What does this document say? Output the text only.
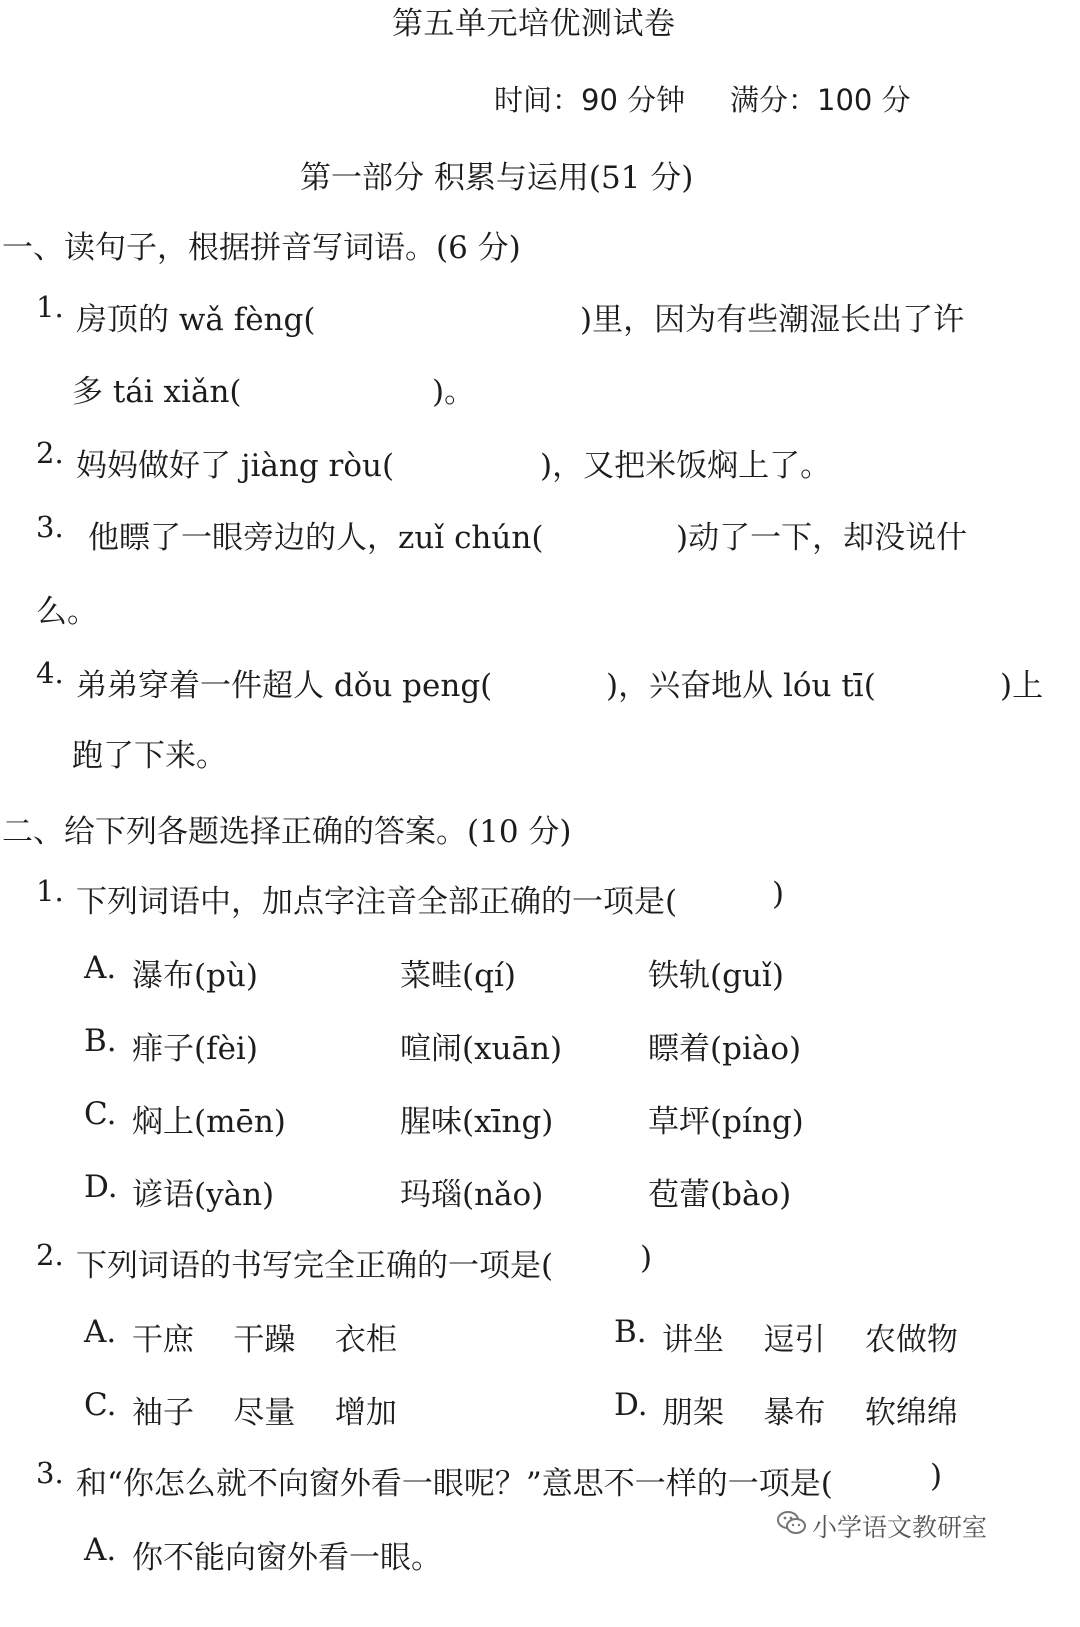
第五单元培优测试卷
时间：90 分钟 满分：100 分
第一部分 积累与运用(51 分)
一、读句子，根据拼音写词语。(6 分)
1. 房顶的 wǎ fèng(	)里，因为有些潮湿长出了许
多 tái xiǎn(	)。
2. 妈妈做好了 jiàng ròu(	)，又把米饭焖上了。
3. 他瞟了一眼旁边的人，zuǐ chún(	)动了一下，却没说什
么。
4. 弟弟穿着一件超人 dǒu peng(	)，兴奋地从 lóu tī(	)上
跑了下来。
二、给下列各题选择正确的答案。(10 分)
1. 下列词语中，加点字注音全部正确的一项是(	)
A. 瀑布(pù)	菜畦(qí)	铁轨(guǐ)
B. 痱子(fèi)	喧闹(xuān)	瞟着(piào)
C. 焖上(mēn)	腥味(xīng)	草坪(píng)
D. 谚语(yàn)	玛瑙(nǎo)	苞蕾(bào)
2. 下列词语的书写完全正确的一项是(	)
A. 干庶    干躁    衣柜	B. 讲坐    逗引    农做物
C. 袖子    尽量    增加	D. 朋架    暴布    软绵绵
3. 和“你怎么就不向窗外看一眼呢？”意思不一样的一项是(	)
A. 你不能向窗外看一眼。
小学语文教研室
